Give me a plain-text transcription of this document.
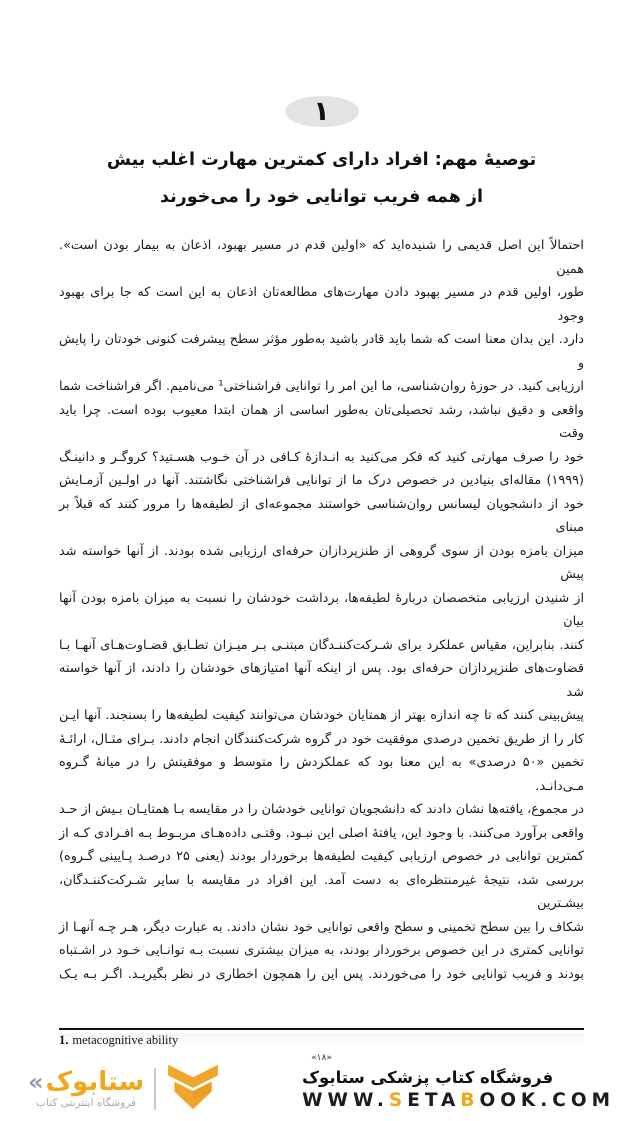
۱
توصیهٔ مهم: افراد دارای کمترین مهارت اغلب بیش
از همه فریب توانایی خود را می‌خورند
احتمالاً این اصل قدیمی را شنیده‌اید که «اولین قدم در مسیر بهبود، اذعان به بیمار بودن است». همین
طور، اولین قدم در مسیر بهبود دادن مهارت‌های مطالعه‌تان اذعان به این است که جا برای بهبود وجود
دارد. این بدان معنا است که شما باید قادر باشید به‌طور مؤثر سطح پیشرفت کنونی خودتان را پایش و
ارزیابی کنید. در حوزهٔ روان‌شناسی، ما این امر را توانایی فراشناختی¹ می‌نامیم. اگر فراشناخت شما
واقعی و دقیق نباشد، رشد تحصیلی‌تان به‌طور اساسی از همان ابتدا معیوب بوده است. چرا باید وقت
خود را صرف مهارتی کنید که فکر می‌کنید به انـدازهٔ کـافی در آن خـوب هسـتید؟ کروگـر و دانینـگ
(۱۹۹۹) مقاله‌ای بنیادین در خصوص درک ما از توانایی فراشناختی نگاشتند. آنها در اولـین آزمـایش
خود از دانشجویان لیسانس روان‌شناسی خواستند مجموعه‌ای از لطیفه‌ها را مرور کنند که قبلاً بر مبنای
میزان بامزه بودن از سوی گروهی از طنزپردازان حرفه‌ای ارزیابی شده بودند. از آنها خواسته شد پیش
از شنیدن ارزیابی متخصصان دربارهٔ لطیفه‌ها، برداشت خودشان را نسبت به میزان بامزه بودن آنها بیان
کنند. بنابراین، مقیاس عملکرد برای شـرکت‌کننـدگان مبتنـی بـر میـزان تطـابق قضـاوت‌هـای آنهـا بـا
قضاوت‌های طنزپردازان حرفه‌ای بود. پس از اینکه آنها امتیازهای خودشان را دادند، از آنها خواسته شد
پیش‌بینی کنند که تا چه اندازه بهتر از همتایان خودشان می‌توانند کیفیت لطیفه‌ها را بسنجند. آنها ایـن
کار را از طریق تخمین درصدی موفقیت خود در گروه شرکت‌کنندگان انجام دادند. بـرای مثـال، ارائـهٔ
تخمین «۵۰ درصدی» به این معنا بود که عملکردش را متوسط و موفقیتش را در میانهٔ گـروه مـی‌دانـد.
در مجموع، یافته‌ها نشان دادند که دانشجویان توانایی خودشان را در مقایسه بـا همتایـان بـیش از حـد
واقعی برآورد می‌کنند. با وجود این، یافتهٔ اصلی این نبـود. وقتـی داده‌هـای مربـوط بـه افـرادی کـه از
کمترین توانایی در خصوص ارزیابی کیفیت لطیفه‌ها برخوردار بودند (یعنی ۲۵ درصـد پـایینی گـروه)
بررسی شد، نتیجهٔ غیرمنتظره‌ای به دست آمد. این افراد در مقایسه با سایر شـرکت‌کننـدگان، بیشـترین
شکاف را بین سطح تخمینی و سطح واقعی توانایی خود نشان دادند. به عبارت دیگر، هـر چـه آنهـا از
توانایی کمتری در این خصوص برخوردار بودند، به میزان بیشتری نسبت بـه توانـایی خـود در اشـتباه
بودند و فریب توانایی خود را می‌خوردند. پس این را همچون اخطاری در نظر بگیریـد. اگـر بـه یـک
1. metacognitive ability
«۱۸»
« ستابوک
فروشگاه اینترنتی کتاب
فروشگاه کتاب پزشکی ستابوک
WWW.SETABOOK.COM
